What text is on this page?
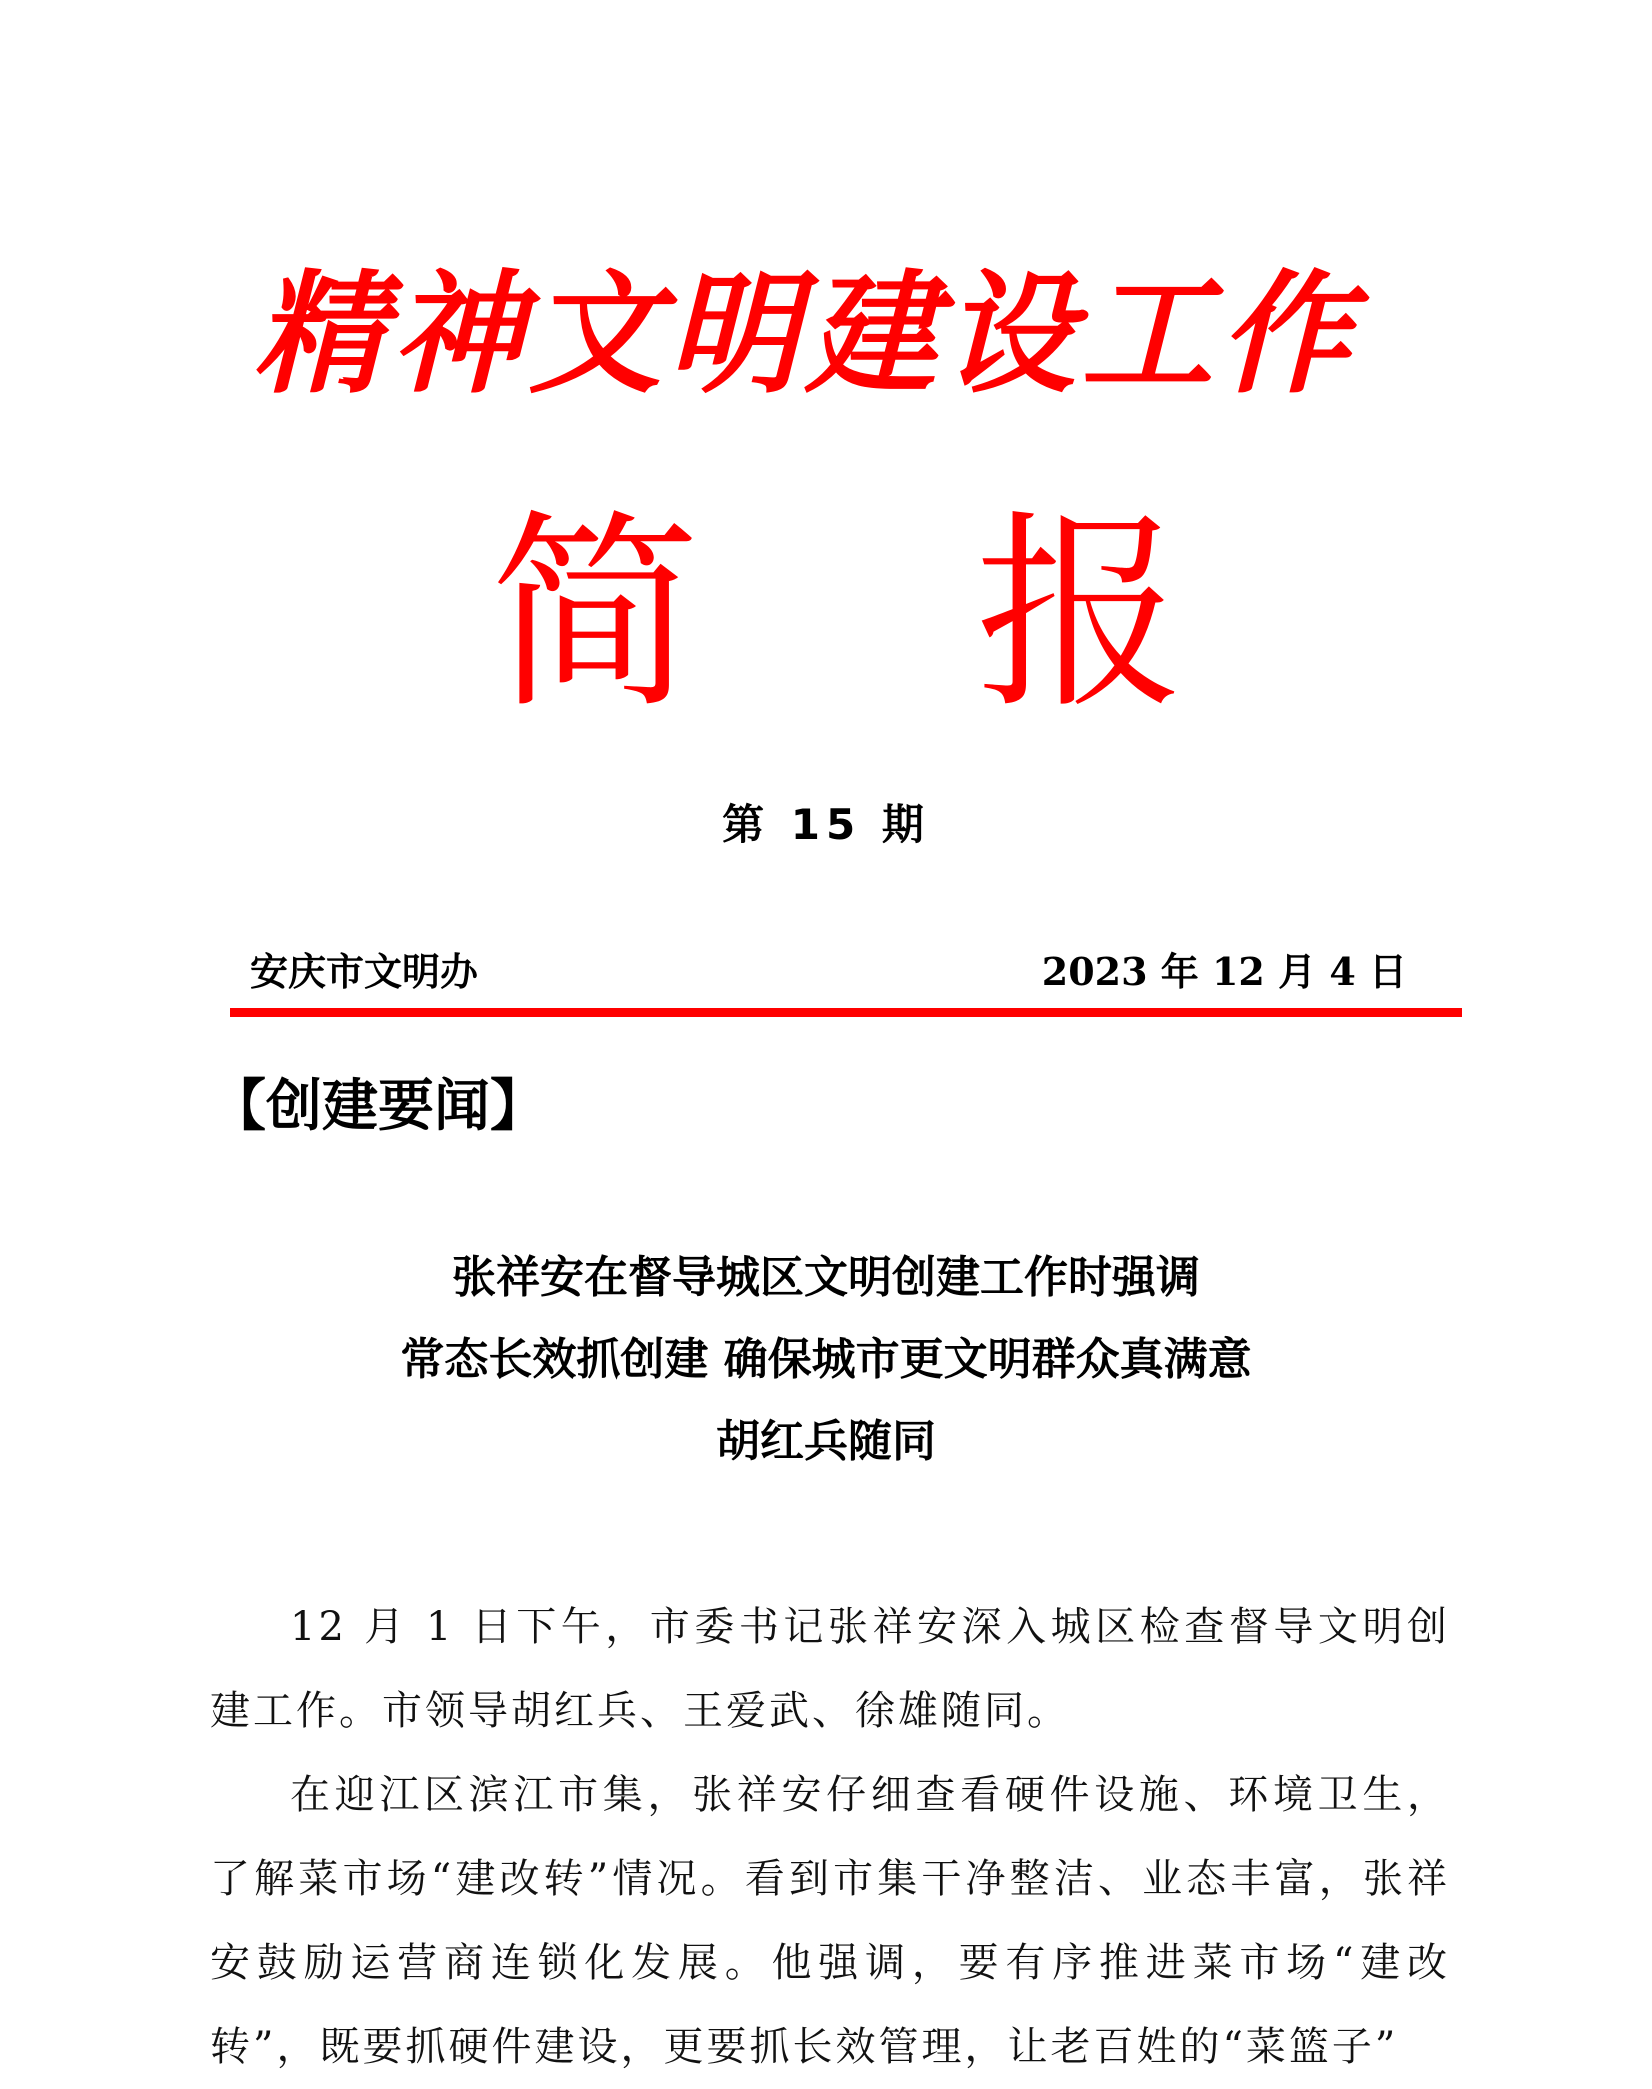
精神文明建设工作
简 报
第 15 期
安庆市文明办	2023 年 12 月 4 日
【创建要闻】
张祥安在督导城区文明创建工作时强调
常态长效抓创建 确保城市更文明群众真满意
胡红兵随同

12 月 1 日下午，市委书记张祥安深入城区检查督导文明创建工作。市领导胡红兵、王爱武、徐雄随同。

在迎江区滨江市集，张祥安仔细查看硬件设施、环境卫生，了解菜市场“建改转”情况。看到市集干净整洁、业态丰富，张祥安鼓励运营商连锁化发展。他强调，要有序推进菜市场“建改转”，既要抓硬件建设，更要抓长效管理，让老百姓的“菜篮子”
